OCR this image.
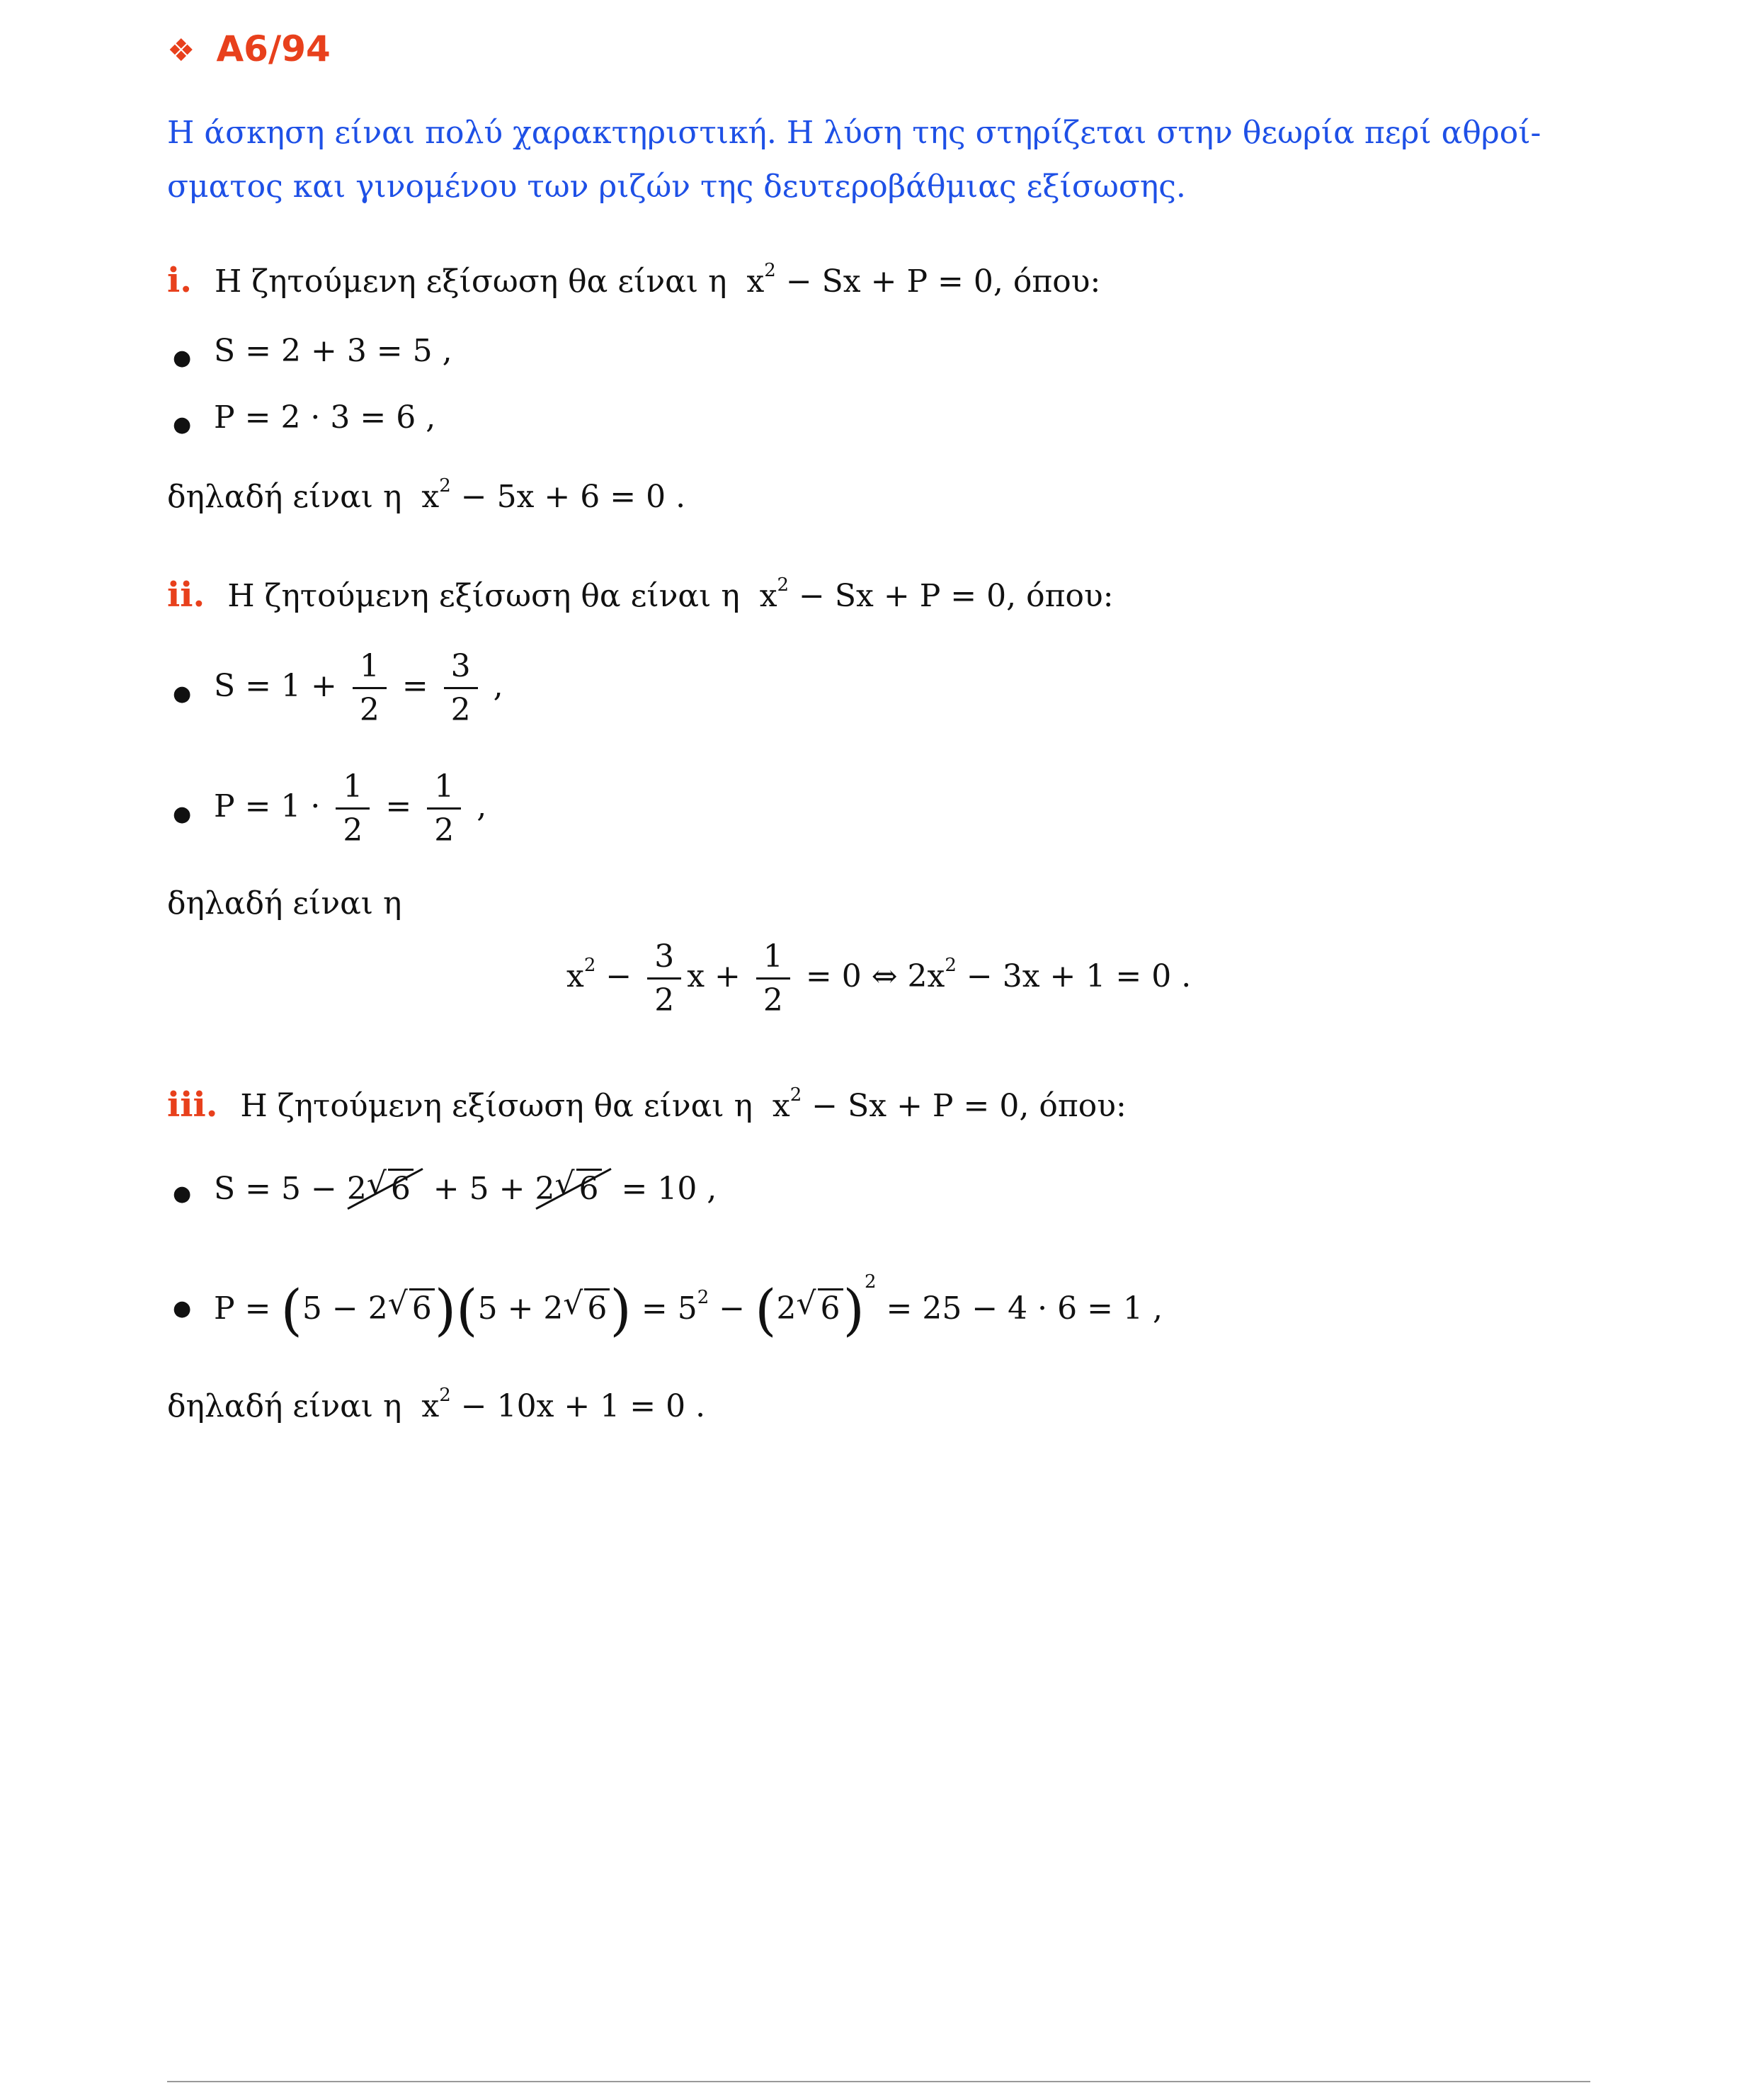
❖ A6/94
Η άσκηση είναι πολύ χαρακτηριστική. Η λύση της στηρίζεται στην θεωρία περί αθροί-σματος και γινομένου των ριζών της δευτεροβάθμιας εξίσωσης.
i. Η ζητούμενη εξίσωση θα είναι η  $x^2 - Sx + P = 0$, όπου:
● S = 2 + 3 = 5 ,
● P = 2 · 3 = 6 ,
δηλαδή είναι η  $x^2 - 5x + 6 = 0$ .
ii. Η ζητούμενη εξίσωση θα είναι η  $x^2 - Sx + P = 0$, όπου:
● $S = 1 + \frac{1}{2} = \frac{3}{2}$ ,
● $P = 1 \cdot \frac{1}{2} = \frac{1}{2}$ ,
δηλαδή είναι η
$x^2 - \frac{3}{2}$ $x + \frac{1}{2} = 0$ ⇔ $2x^2 - 3x + 1 = 0$ .
iii. Η ζητούμενη εξίσωση θα είναι η  $x^2 - Sx + P = 0$, όπου:
● S = 5 − 2√ 6  + 5 + 2√ 6  = 10 ,
● P = (5 − 2√ 6)(5 + 2√ $6) = 5^2 - (2√$ 6)$^2$ = 25 − 4 · 6 = 1 ,
δηλαδή είναι η  $x^2 - 10x + 1 = 0$ .
